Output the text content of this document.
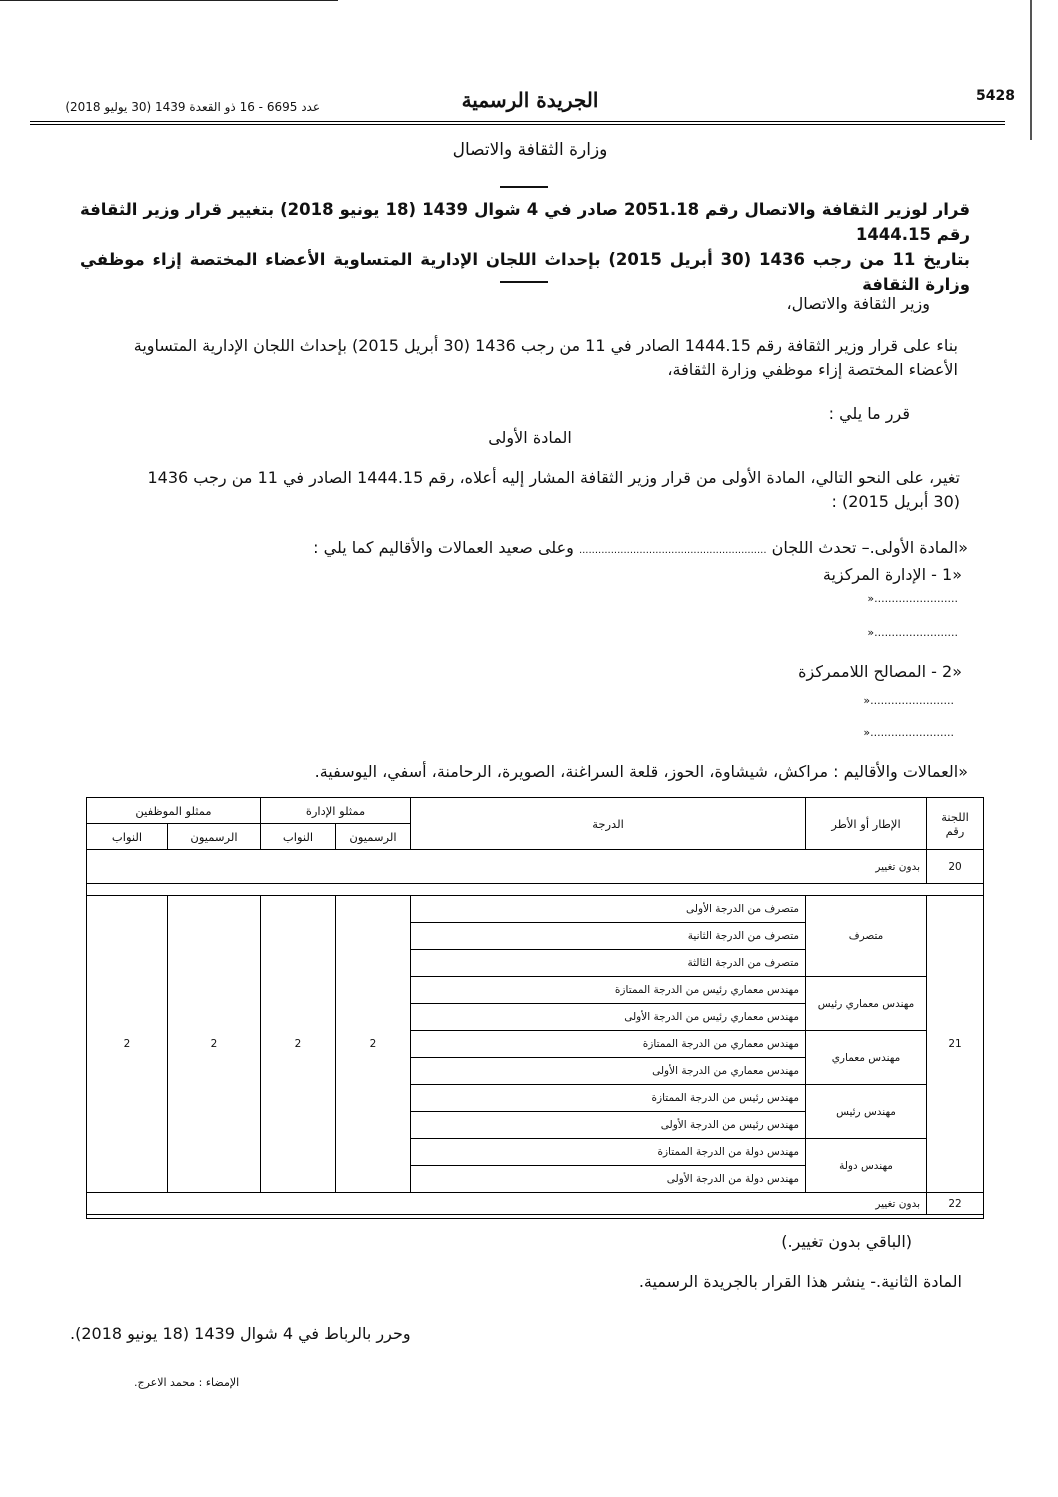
5428
الجريدة الرسمية
عدد 6695 - 16 ذو القعدة 1439 (30 يوليو 2018)
وزارة الثقافة والاتصال
قرار لوزير الثقافة والاتصال رقم 2051.18 صادر في 4 شوال 1439 (18 يونيو 2018) بتغيير قرار وزير الثقافة رقم 1444.15
بتاريخ 11 من رجب 1436 (30 أبريل 2015) بإحداث اللجان الإدارية المتساوية الأعضاء المختصة إزاء موظفي وزارة الثقافة
وزير الثقافة والاتصال،
بناء على قرار وزير الثقافة رقم 1444.15 الصادر في 11 من رجب 1436 (30 أبريل 2015) بإحداث اللجان الإدارية المتساوية
الأعضاء المختصة إزاء موظفي وزارة الثقافة،
قرر ما يلي :
المادة الأولى
تغير، على النحو التالي، المادة الأولى من قرار وزير الثقافة المشار إليه أعلاه، رقم 1444.15 الصادر في 11 من رجب 1436
(30 أبريل 2015) :
«المادة الأولى.– تحدث اللجان ........................................................... وعلى صعيد العمالات والأقاليم كما يلي :
«1 - الإدارة المركزية
........................«
........................«
«2 - المصالح اللاممركزة
........................«
........................«
«العمالات والأقاليم : مراكش، شيشاوة، الحوز، قلعة السراغنة، الصويرة، الرحامنة، أسفي، اليوسفية.
اللجنة رقم	الإطار أو الأطر	الدرجة	ممثلو الإدارة		ممثلو الموظفين	
			الرسميون	النواب	الرسميون	النواب
20	بدون تغيير					

21	متصرف	متصرف من الدرجة الأولى	2	2	2	2
		متصرف من الدرجة الثانية				
		متصرف من الدرجة الثالثة				
	مهندس معماري رئيس	مهندس معماري رئيس من الدرجة الممتازة				
		مهندس معماري رئيس من الدرجة الأولى				
	مهندس معماري	مهندس معماري من الدرجة الممتازة				
		مهندس معماري من الدرجة الأولى				
	مهندس رئيس	مهندس رئيس من الدرجة الممتازة				
		مهندس رئيس من الدرجة الأولى				
	مهندس دولة	مهندس دولة من الدرجة الممتازة				
		مهندس دولة من الدرجة الأولى				
22	بدون تغيير					
(الباقي بدون تغيير.)
المادة الثانية.- ينشر هذا القرار بالجريدة الرسمية.
وحرر بالرباط في 4 شوال 1439 (18 يونيو 2018).
الإمضاء : محمد الاعرج.
